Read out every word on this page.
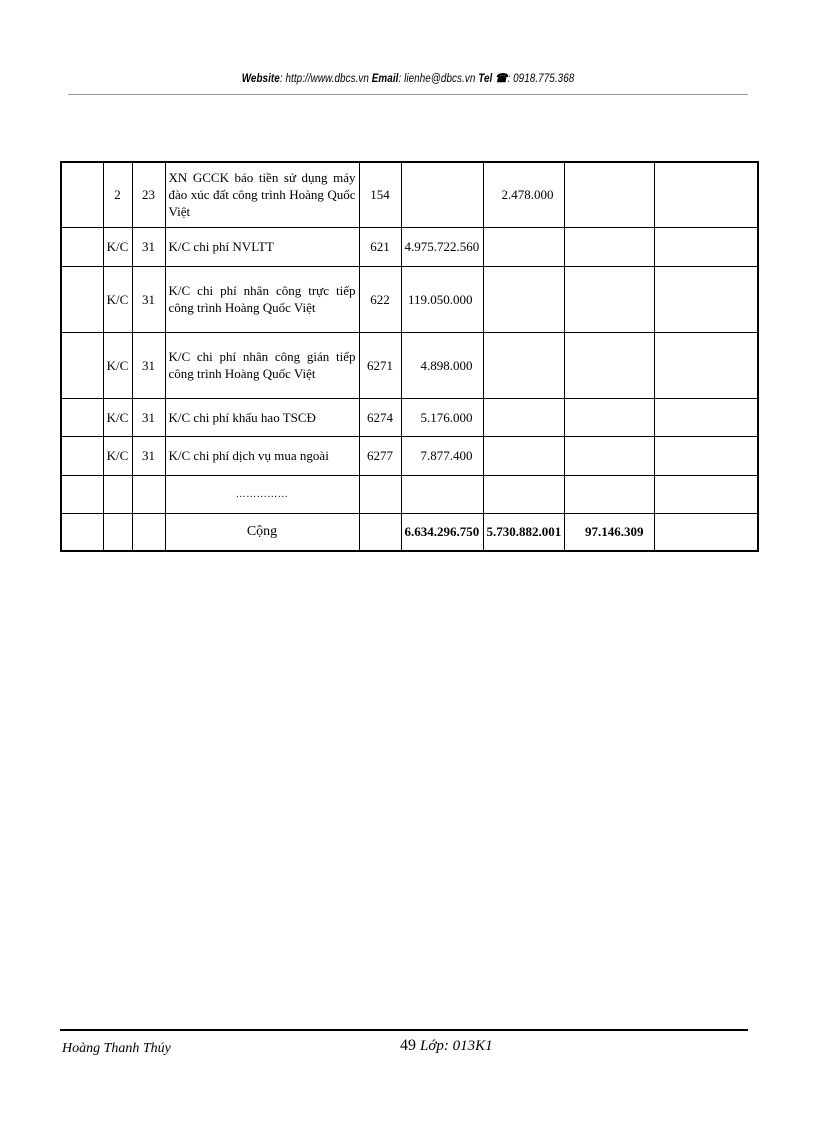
Website: http://www.dbcs.vn Email: lienhe@dbcs.vn Tel ☎: 0918.775.368
	2	23	XN GCCK báo tiền sử dụng máy đào xúc đất công trình Hoàng Quốc Việt	154		2.478.000		
	K/C	31	K/C chi phí NVLTT	621	4.975.722.560			
	K/C	31	K/C chi phí nhân công trực tiếp công trình Hoàng Quốc Việt	622	119.050.000			
	K/C	31	K/C chi phí nhân công gián tiếp công trình Hoàng Quốc Việt	6271	4.898.000			
	K/C	31	K/C chi phí khấu hao TSCĐ	6274	5.176.000			
	K/C	31	K/C chi phí dịch vụ mua ngoài	6277	7.877.400			
			……………					
			Cộng		6.634.296.750	5.730.882.001	97.146.309	
Hoàng Thanh Thúy	49 Lớp: 013K1
